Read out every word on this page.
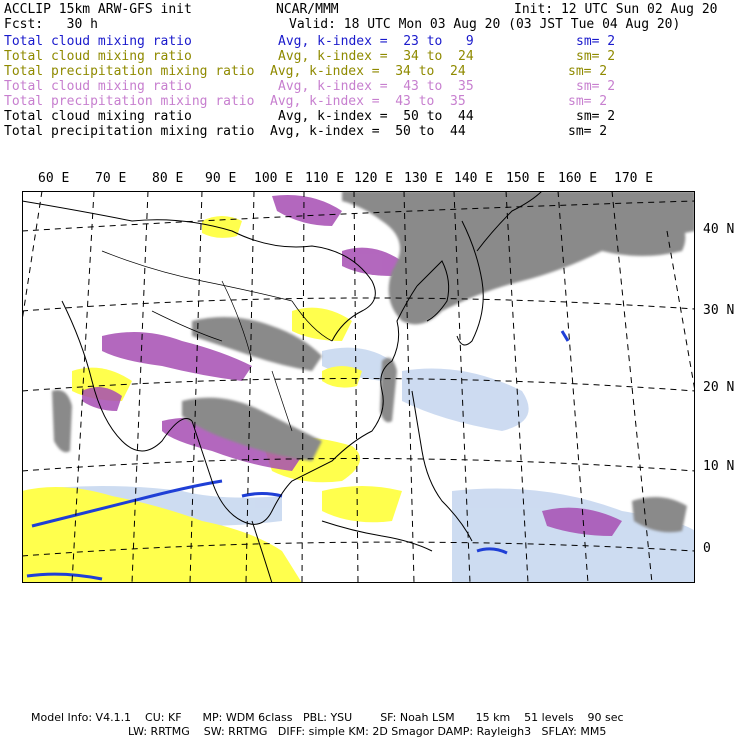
ACCLIP 15km ARW-GFS init	NCAR/MMM	Init: 12 UTC Sun 02 Aug 20
Fcst:   30 h	Valid: 18 UTC Mon 03 Aug 20 (03 JST Tue 04 Aug 20)
Total cloud mixing ratio	Avg, k-index =  23 to   9	sm= 2
Total cloud mixing ratio	Avg, k-index =  34 to  24	sm= 2
Total precipitation mixing ratio Avg, k-index =  34 to  24	sm= 2
Total cloud mixing ratio	Avg, k-index =  43 to  35	sm= 2
Total precipitation mixing ratio Avg, k-index =  43 to  35	sm= 2
Total cloud mixing ratio	Avg, k-index =  50 to  44	sm= 2
Total precipitation mixing ratio Avg, k-index =  50 to  44	sm= 2
60 E 70 E 80 E 90 E 100 E 110 E 120 E 130 E 140 E 150 E 160 E 170 E
40 N
30 N
20 N
10 N
0
Model Info: V4.1.1    CU: KF      MP: WDM 6class   PBL: YSU        SF: Noah LSM      15 km    51 levels    90 sec
LW: RRTMG    SW: RRTMG   DIFF: simple KM: 2D Smagor DAMP: Rayleigh3   SFLAY: MM5
